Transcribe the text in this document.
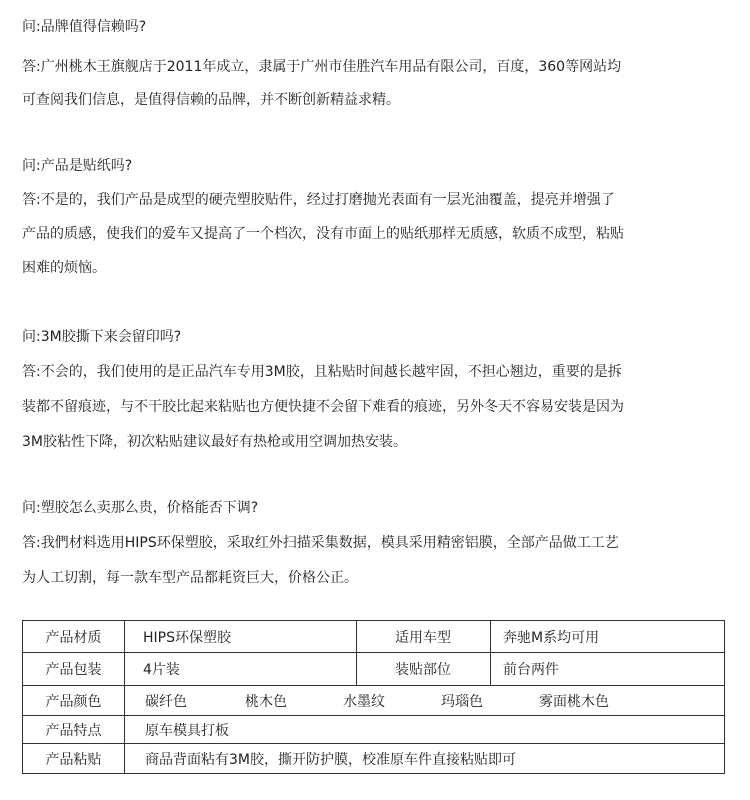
问:品牌值得信赖吗?
答:广州桃木王旗舰店于2011年成立，隶属于广州市佳胜汽车用品有限公司，百度，360等网站均
可查阅我们信息，是值得信赖的品牌，并不断创新精益求精。
问:产品是贴纸吗?
答:不是的，我们产品是成型的硬壳塑胶贴件，经过打磨抛光表面有一层光油覆盖，提亮并增强了
产品的质感，使我们的爱车又提高了一个档次，没有市面上的贴纸那样无质感，软质不成型，粘贴
困难的烦恼。
问:3M胶撕下来会留印吗?
答:不会的，我们使用的是正品汽车专用3M胶，且粘贴时间越长越牢固，不担心翘边，重要的是拆
装都不留痕迹，与不干胶比起来粘贴也方便快捷不会留下难看的痕迹，另外冬天不容易安装是因为
3M胶粘性下降，初次粘贴建议最好有热枪或用空调加热安装。
问:塑胶怎么卖那么贵，价格能否下调?
答:我們材料选用HIPS环保塑胶，采取红外扫描采集数据，模具采用精密铝膜，全部产品做工工艺
为人工切割，每一款车型产品都耗资巨大，价格公正。
产品材质	HIPS环保塑胶	适用车型	奔驰M系均可用
产品包装	4片装	装贴部位	前台两件
产品颜色	碳纤色	桃木色	水墨纹	玛瑙色	雾面桃木色
产品特点	原车模具打板
产品粘贴	商品背面粘有3M胶，撕开防护膜，校准原车件直接粘贴即可
